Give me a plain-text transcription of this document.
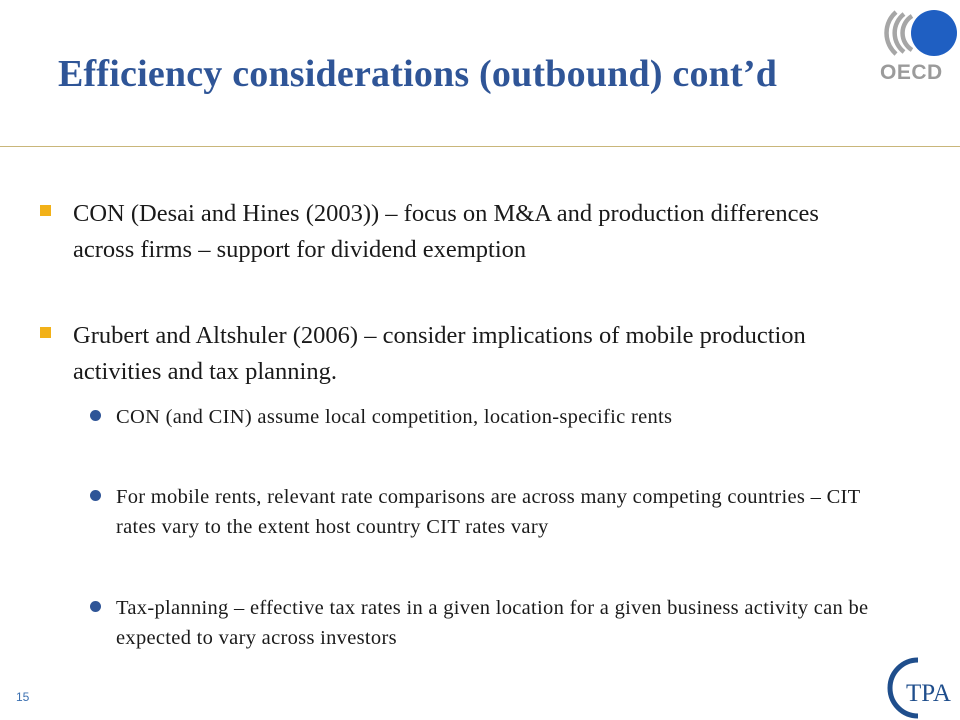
Efficiency considerations (outbound) cont’d	OECD
CON (Desai and Hines (2003)) – focus on M&A and production differences across firms – support for dividend exemption
Grubert and Altshuler (2006) – consider implications of mobile production activities and tax planning.
CON (and CIN) assume local competition, location-specific rents
For mobile rents, relevant rate comparisons are across many competing countries – CIT rates vary to the extent host country CIT rates vary
Tax-planning – effective tax rates in a given location for a given business activity can be expected to vary across investors
15	TPA
